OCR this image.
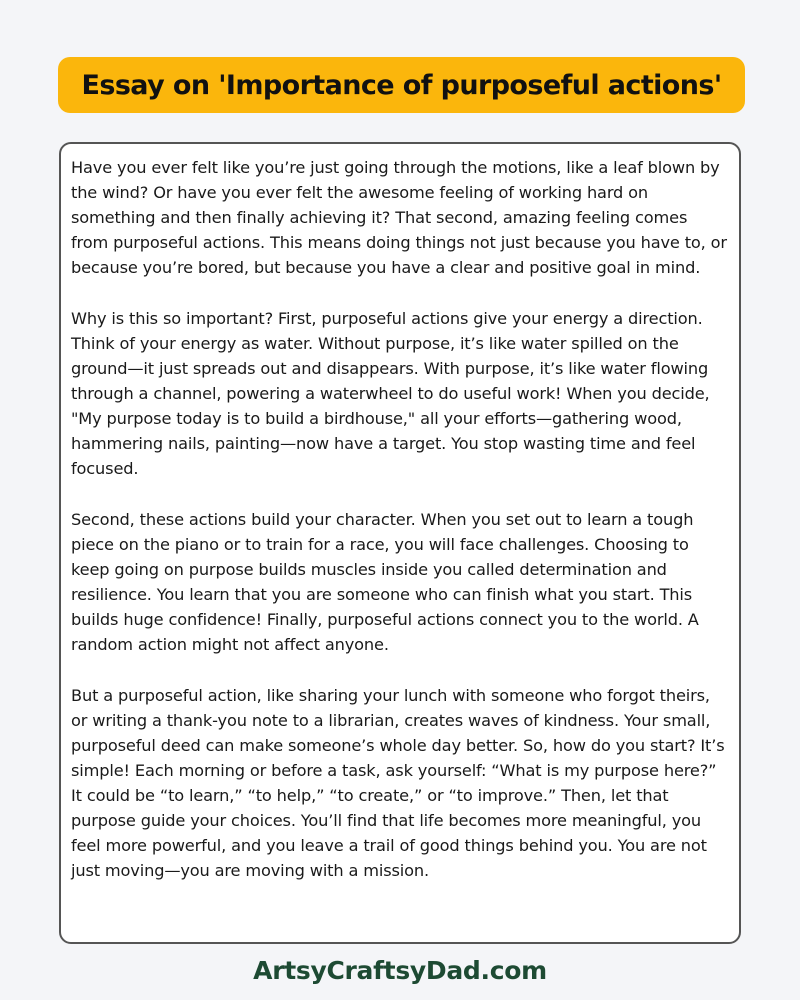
Essay on 'Importance of purposeful actions'

Have you ever felt like you’re just going through the motions, like a leaf blown by the wind? Or have you ever felt the awesome feeling of working hard on something and then finally achieving it? That second, amazing feeling comes from purposeful actions. This means doing things not just because you have to, or because you’re bored, but because you have a clear and positive goal in mind.

Why is this so important? First, purposeful actions give your energy a direction. Think of your energy as water. Without purpose, it’s like water spilled on the ground—it just spreads out and disappears. With purpose, it’s like water flowing through a channel, powering a waterwheel to do useful work! When you decide, "My purpose today is to build a birdhouse," all your efforts—gathering wood, hammering nails, painting—now have a target. You stop wasting time and feel focused.

Second, these actions build your character. When you set out to learn a tough piece on the piano or to train for a race, you will face challenges. Choosing to keep going on purpose builds muscles inside you called determination and resilience. You learn that you are someone who can finish what you start. This builds huge confidence! Finally, purposeful actions connect you to the world. A random action might not affect anyone.

But a purposeful action, like sharing your lunch with someone who forgot theirs, or writing a thank-you note to a librarian, creates waves of kindness. Your small, purposeful deed can make someone’s whole day better. So, how do you start? It’s simple! Each morning or before a task, ask yourself: “What is my purpose here?” It could be “to learn,” “to help,” “to create,” or “to improve.” Then, let that purpose guide your choices. You’ll find that life becomes more meaningful, you feel more powerful, and you leave a trail of good things behind you. You are not just moving—you are moving with a mission.

ArtsyCraftsyDad.com
